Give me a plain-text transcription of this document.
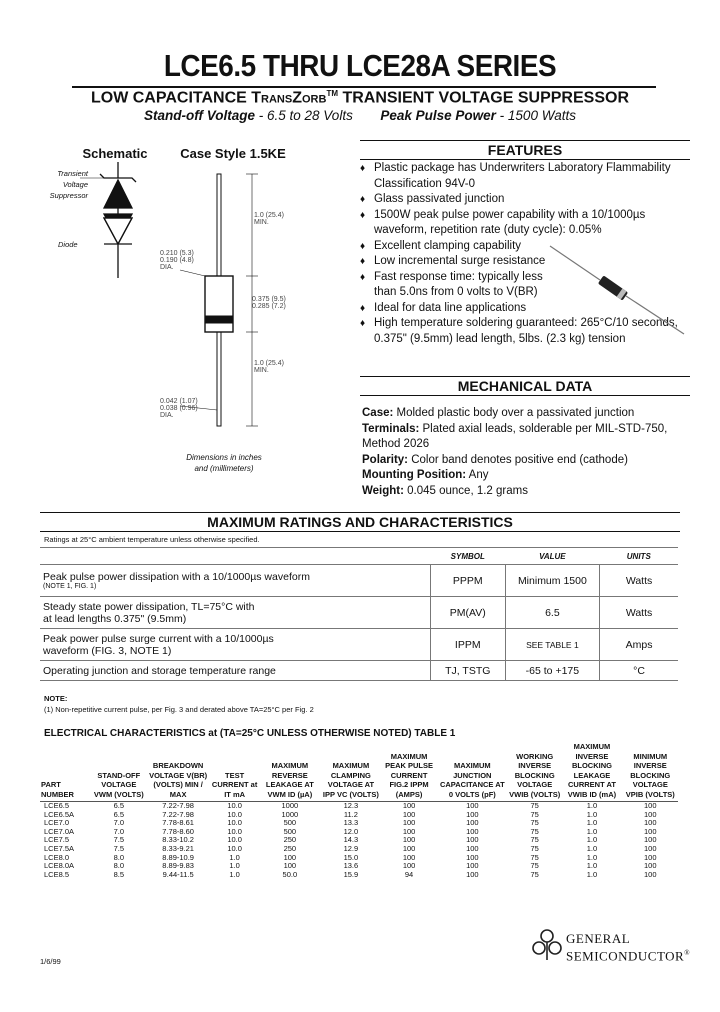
LCE6.5 THRU LCE28A SERIES
LOW CAPACITANCE TransZorb™ TRANSIENT VOLTAGE SUPPRESSOR
Stand-off Voltage - 6.5 to 28 Volts Peak Pulse Power - 1500 Watts
Schematic
Transient Voltage Suppressor
Diode
Case Style 1.5KE
1.0 (25.4) MIN.
0.210 (5.3) 0.190 (4.8) DIA.
0.375 (9.5) 0.285 (7.2)
1.0 (25.4) MIN.
0.042 (1.07) 0.038 (0.96) DIA.
Dimensions in inches and (millimeters)
FEATURES
♦ Plastic package has Underwriters Laboratory Flammability Classification 94V-0
♦ Glass passivated junction
♦ 1500W peak pulse power capability with a 10/1000µs waveform, repetition rate (duty cycle): 0.05%
♦ Excellent clamping capability
♦ Low incremental surge resistance
♦ Fast response time: typically less than 5.0ns from 0 volts to V(BR)
♦ Ideal for data line applications
♦ High temperature soldering guaranteed: 265°C/10 seconds, 0.375" (9.5mm) lead length, 5lbs. (2.3 kg) tension
MECHANICAL DATA
Case: Molded plastic body over a passivated junction
Terminals: Plated axial leads, solderable per MIL-STD-750, Method 2026
Polarity: Color band denotes positive end (cathode)
Mounting Position: Any
Weight: 0.045 ounce, 1.2 grams
MAXIMUM RATINGS AND CHARACTERISTICS
Ratings at 25°C ambient temperature unless otherwise specified.
	SYMBOL	VALUE	UNITS

Peak pulse power dissipation with a 10/1000µs waveform
(NOTE 1, FIG. 1)	PPPM	Minimum 1500	Watts

Steady state power dissipation, TL=75°C with
at lead lengths 0.375" (9.5mm)	PM(AV)	6.5	Watts

Peak power pulse surge current with a 10/1000µs
waveform (FIG. 3, NOTE 1)	IPPM	SEE TABLE 1	Amps
Operating junction and storage temperature range	TJ, TSTG	-65 to +175	°C
NOTE:
(1) Non-repetitive current pulse, per Fig. 3 and derated above TA=25°C per Fig. 2
ELECTRICAL CHARACTERISTICS at (TA=25°C UNLESS OTHERWISE NOTED) TABLE 1
PART NUMBER	STAND-OFF VOLTAGE VWM (VOLTS)	BREAKDOWN VOLTAGE V(BR) (VOLTS) MIN / MAX	TEST CURRENT at IT mA	MAXIMUM REVERSE LEAKAGE AT VWM ID (µA)	MAXIMUM CLAMPING VOLTAGE AT IPP VC (VOLTS)	MAXIMUM PEAK PULSE CURRENT FIG.2 IPPM (AMPS)	MAXIMUM JUNCTION CAPACITANCE AT 0 VOLTS (pF)	WORKING INVERSE BLOCKING VOLTAGE VWIB (VOLTS)	MAXIMUM INVERSE BLOCKING LEAKAGE CURRENT AT VWIB ID (mA)	MINIMUM INVERSE BLOCKING VOLTAGE VPIB (VOLTS)
LCE6.5	6.5	7.22-7.98	10.0	1000	12.3	100	100	75	1.0	100
LCE6.5A	6.5	7.22-7.98	10.0	1000	11.2	100	100	75	1.0	100
LCE7.0	7.0	7.78-8.61	10.0	500	13.3	100	100	75	1.0	100
LCE7.0A	7.0	7.78-8.60	10.0	500	12.0	100	100	75	1.0	100
LCE7.5	7.5	8.33-10.2	10.0	250	14.3	100	100	75	1.0	100
LCE7.5A	7.5	8.33-9.21	10.0	250	12.9	100	100	75	1.0	100
LCE8.0	8.0	8.89-10.9	1.0	100	15.0	100	100	75	1.0	100
LCE8.0A	8.0	8.89-9.83	1.0	100	13.6	100	100	75	1.0	100
LCE8.5	8.5	9.44-11.5	1.0	50.0	15.9	94	100	75	1.0	100
1/6/99
GENERAL
SEMICONDUCTOR®
